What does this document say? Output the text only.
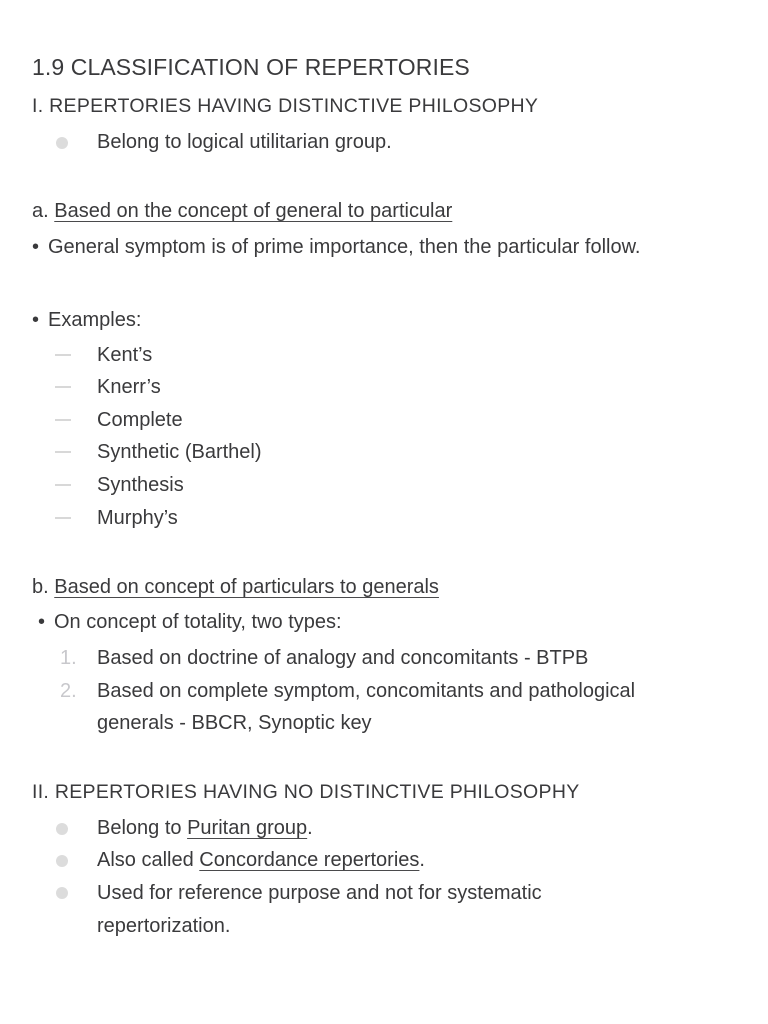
1.9 CLASSIFICATION OF REPERTORIES
I. REPERTORIES HAVING DISTINCTIVE PHILOSOPHY
Belong to logical utilitarian group.
a. Based on the concept of general to particular
• General symptom is of prime importance, then the particular follow.
• Examples:
Kent’s
Knerr’s
Complete
Synthetic (Barthel)
Synthesis
Murphy’s
b. Based on concept of particulars to generals
• On concept of totality, two types:
1. Based on doctrine of analogy and concomitants - BTPB
2. Based on complete symptom, concomitants and pathological
generals - BBCR, Synoptic key
II. REPERTORIES HAVING NO DISTINCTIVE PHILOSOPHY
Belong to Puritan group.
Also called Concordance repertories.
Used for reference purpose and not for systematic
repertorization.
